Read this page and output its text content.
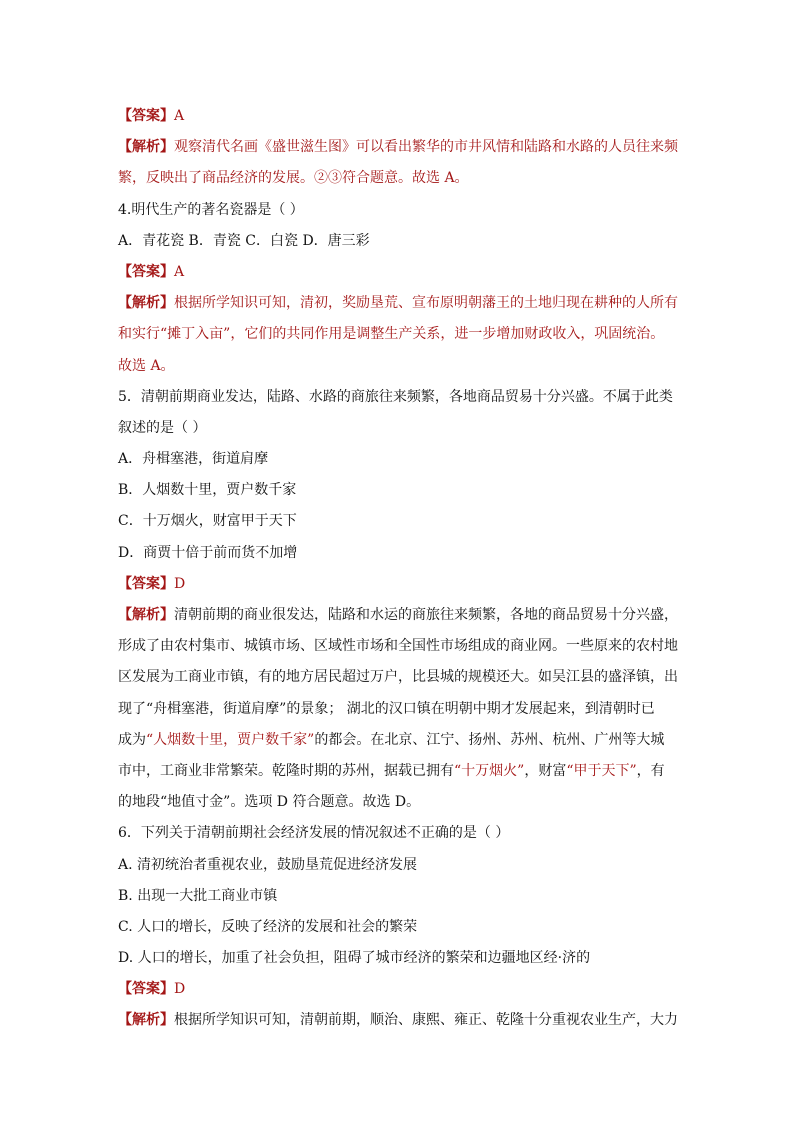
【答案】A
【解析】观察清代名画《盛世滋生图》可以看出繁华的市井风情和陆路和水路的人员往来频
繁，反映出了商品经济的发展。②③符合题意。故选 A。
4.明代生产的著名瓷器是（ ）
A．青花瓷 B．青瓷 C．白瓷 D．唐三彩
【答案】A
【解析】根据所学知识可知，清初，奖励垦荒、宣布原明朝藩王的土地归现在耕种的人所有
和实行“摊丁入亩”，它们的共同作用是调整生产关系，进一步增加财政收入，巩固统治。
故选 A。
5．清朝前期商业发达，陆路、水路的商旅往来频繁，各地商品贸易十分兴盛。不属于此类
叙述的是（ ）
A．舟楫塞港，街道肩摩
B．人烟数十里，贾户数千家
C．十万烟火，财富甲于天下
D．商贾十倍于前而货不加增
【答案】D
【解析】清朝前期的商业很发达，陆路和水运的商旅往来频繁，各地的商品贸易十分兴盛，
形成了由农村集市、城镇市场、区域性市场和全国性市场组成的商业网。一些原来的农村地
区发展为工商业市镇，有的地方居民超过万户，比县城的规模还大。如吴江县的盛泽镇，出
现了“舟楫塞港，街道肩摩”的景象； 湖北的汉口镇在明朝中期才发展起来，到清朝时已
成为“人烟数十里，贾户数千家”的都会。在北京、江宁、扬州、苏州、杭州、广州等大城
市中，工商业非常繁荣。乾隆时期的苏州，据载已拥有“十万烟火”，财富“甲于天下”，有
的地段“地值寸金”。选项 D 符合题意。故选 D。
6．下列关于清朝前期社会经济发展的情况叙述不正确的是（ ）
A. 清初统治者重视农业，鼓励垦荒促进经济发展
B. 出现一大批工商业市镇
C. 人口的增长，反映了经济的发展和社会的繁荣
D. 人口的增长，加重了社会负担，阻碍了城市经济的繁荣和边疆地区经·济的
【答案】D
【解析】根据所学知识可知，清朝前期，顺治、康熙、雍正、乾隆十分重视农业生产，大力
